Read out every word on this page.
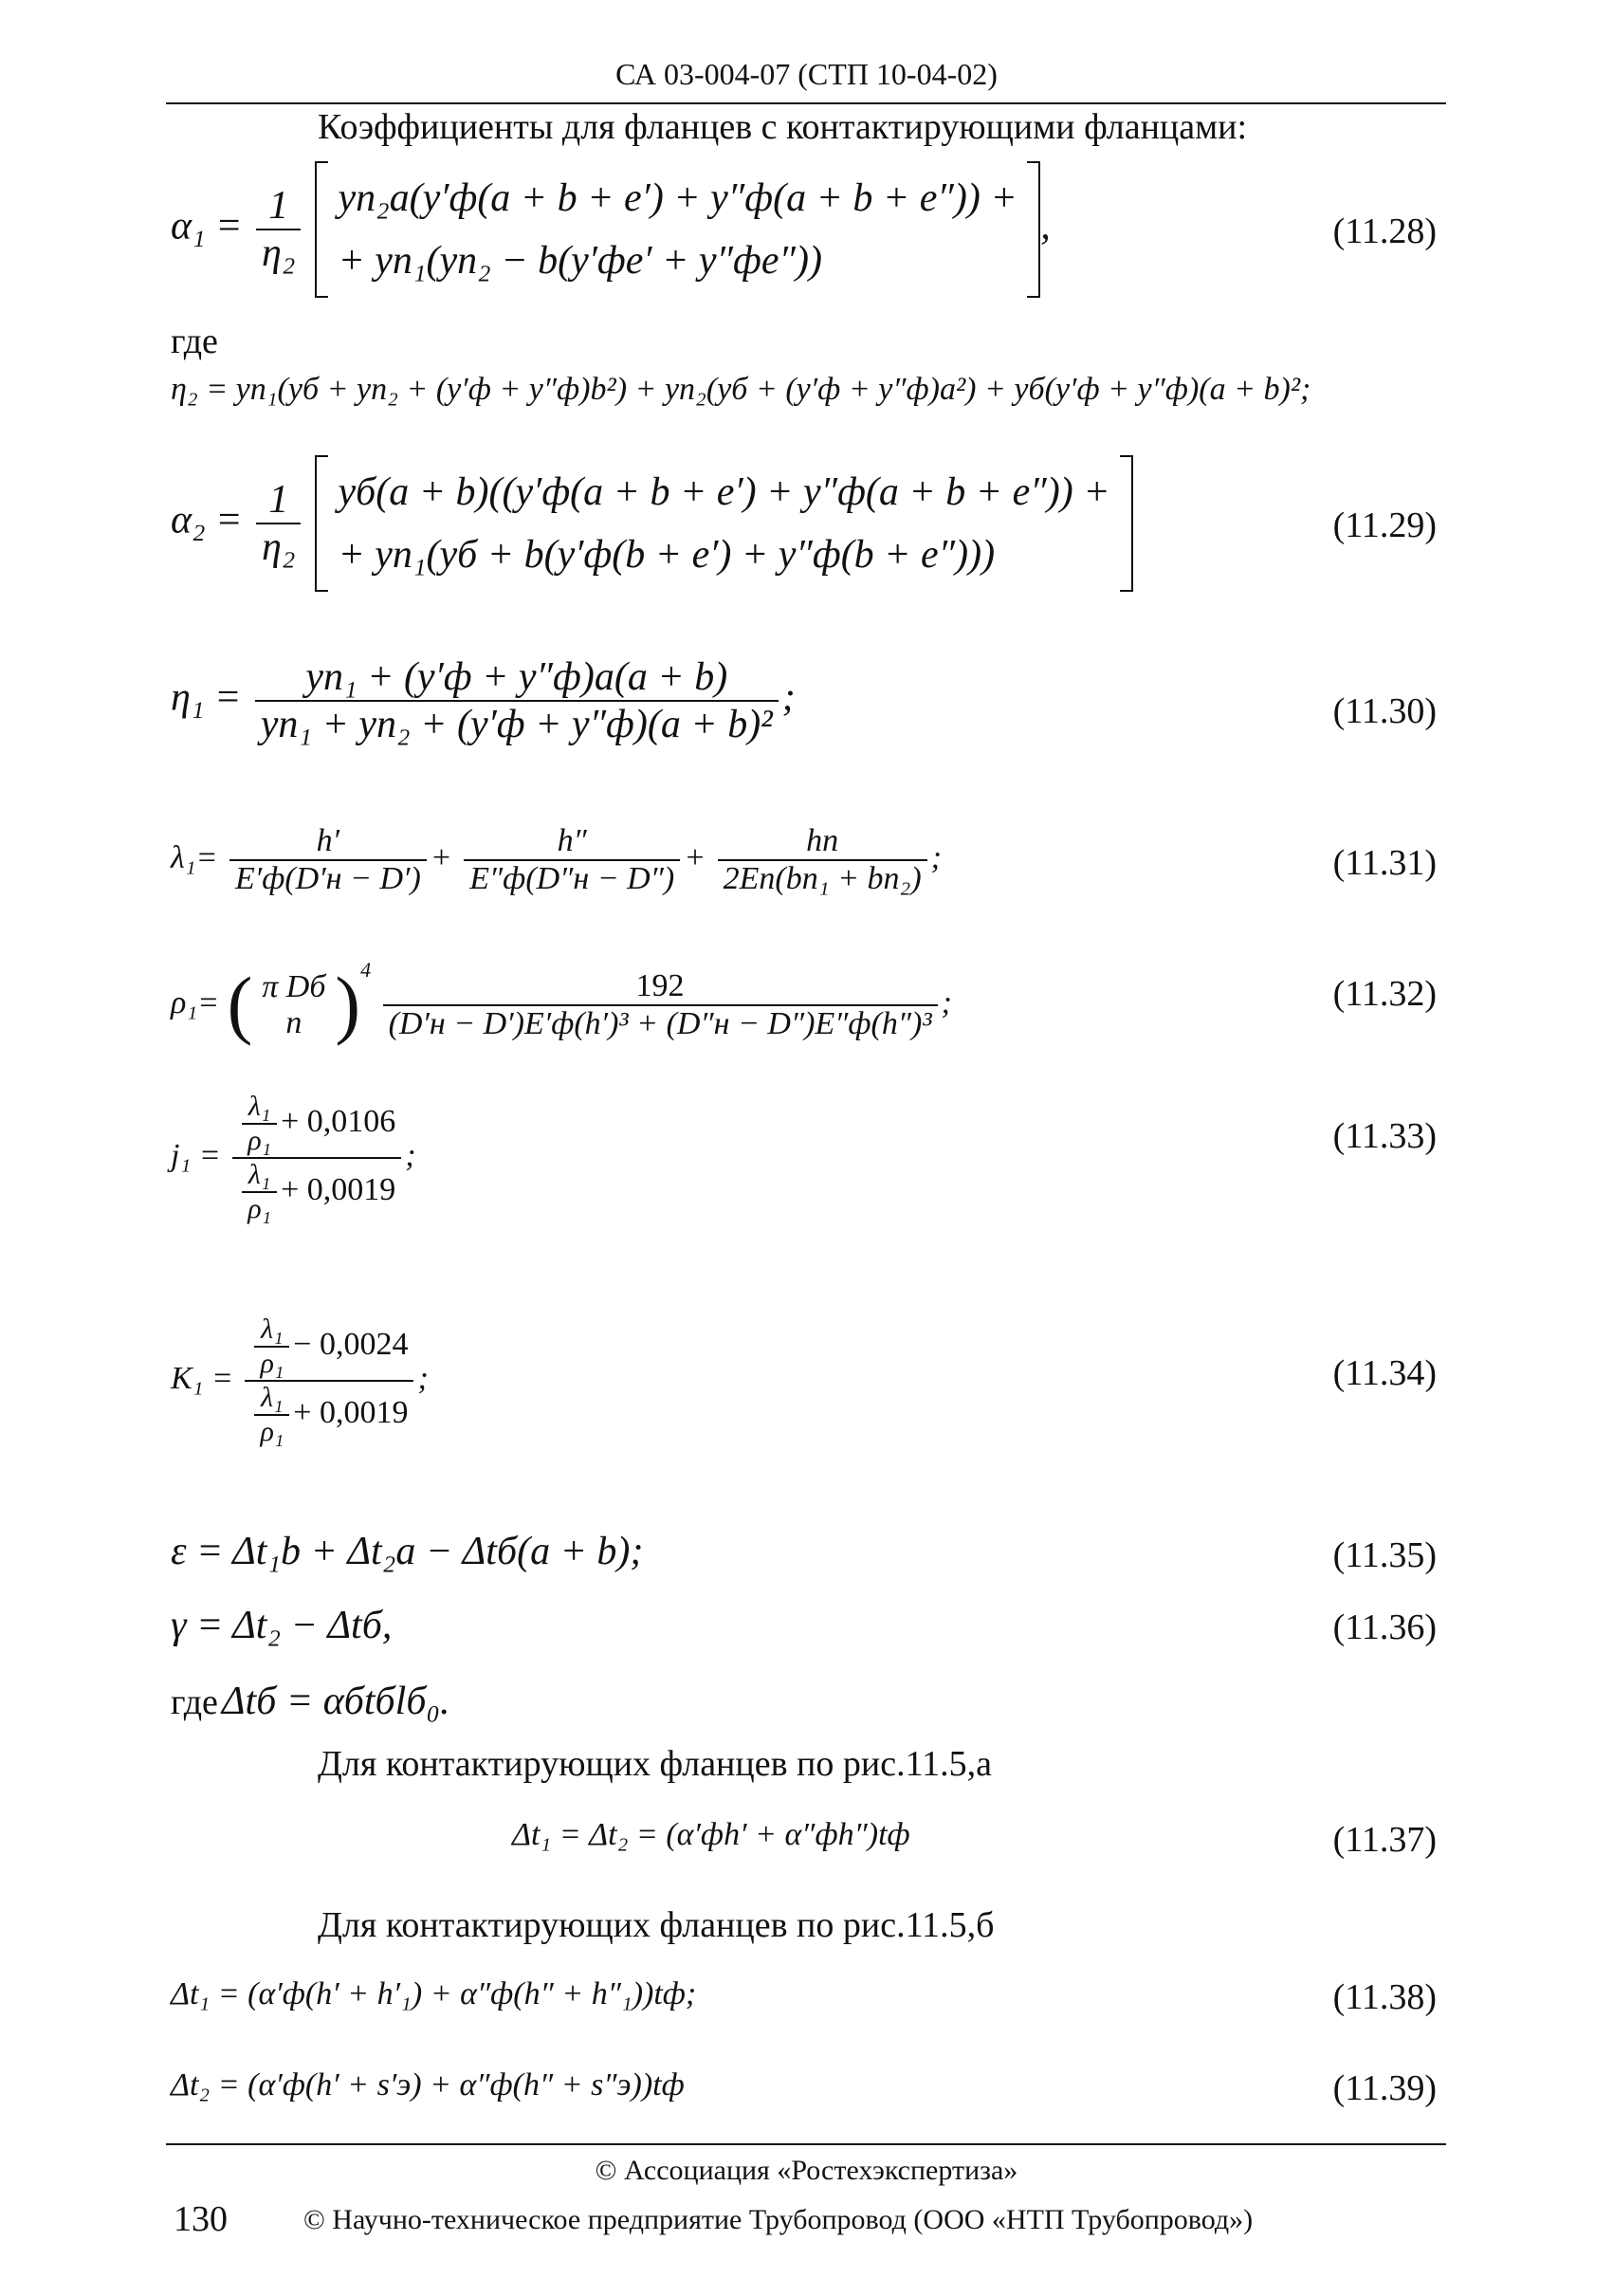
СА 03-004-07 (СТП 10-04-02)
Коэффициенты для фланцев с контактирующими фланцами:
$\alpha_1 = \frac{1}{\text{η₂}}$
yп₂a(y′ф(a + b + e′) + y″ф(a + b + e″)) +
+ yп₁(yп₂ − b(y′фe′ + y″фe″))
,	(11.28)
где
η₂ = yп₁(yб + yп₂ + (y′ф + y″ф)b²) + yп₂(yб + (y′ф + y″ф)a²) + yб(y′ф + y″ф)(a + b)²;
$\alpha_2 = \frac{1}{\text{η₂}}$
yб(a + b)((y′ф(a + b + e′) + y″ф(a + b + e″)) +
+ yп₁(yб + b(y′ф(b + e′) + y″ф(b + e″)))

(11.29)
$\eta_1 = \frac{\text{yп₁ + (y′ф + y″ф)a(a + b)}}{\text{yп₁ + yп₂ + (y′ф + y″ф)(a + b)²}}$ ;	(11.30)
$\lambda_1= \frac{h'}{E'ф(D'н - D')} + \frac{h''}{E''ф(D''н - D'')} + \frac{hп}{\text{2Eп(bп₁ + bп₂)}}$ ;	(11.31)
ρ₁= ( π Dб
n )$^4 \frac{192}{\text{(D′н − D′)E′ф(h′)³ + (D″н − D″)E″ф(h″)³}}$ ;	(11.32)
$j_1 = \frac{\frac{\text{λ₁}}{\text{ρ₁}} + 0,0106}{\frac{\text{λ₁}}{\text{ρ₁}} + 0,0019}$ ;	(11.33)
$K_1 = \frac{\frac{\text{λ₁}}{\text{ρ₁}} - 0,0024}{\frac{\text{λ₁}}{\text{ρ₁}} + 0,0019}$ ;	(11.34)
ε = Δt₁b + Δt₂a − Δtб(a + b);	(11.35)
γ = Δt₂ − Δtб,	(11.36)
где Δtб = αбtбlб₀.
Для контактирующих фланцев по рис.11.5,а
Δt₁ = Δt₂ = (α′фh′ + α″фh″)tф	(11.37)
Для контактирующих фланцев по рис.11.5,б
Δt₁ = (α′ф(h′ + h′₁) + α″ф(h″ + h″₁))tф;	(11.38)
Δt₂ = (α′ф(h′ + s′э) + α″ф(h″ + s″э))tф	(11.39)
© Ассоциация «Ростехэкспертиза»
130	© Научно-техническое предприятие Трубопровод (ООО «НТП Трубопровод»)
